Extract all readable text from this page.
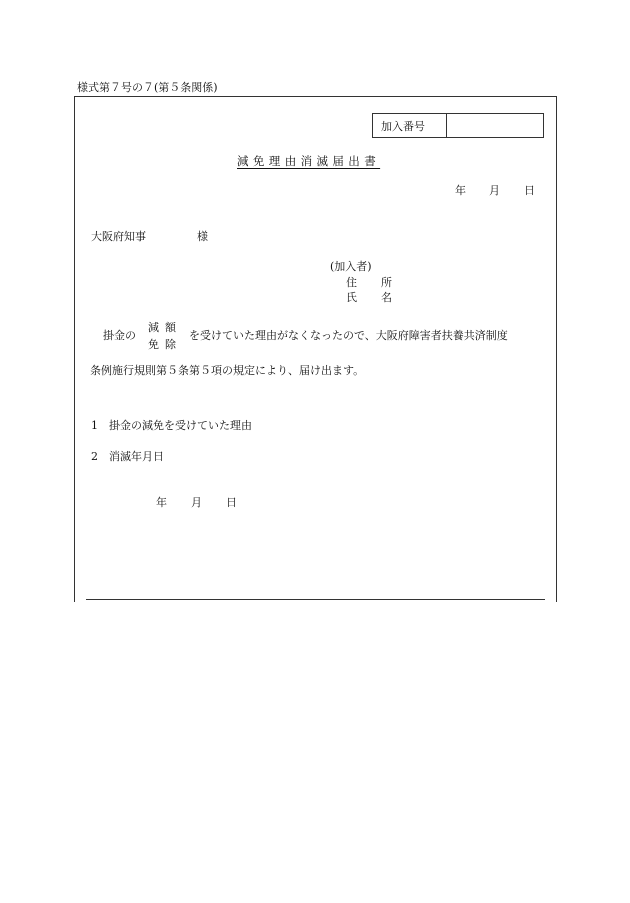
様式第７号の７(第５条関係)
加入番号
減免理由消滅届出書
年 月 日
大阪府知事	様
(加入者)
住 所
氏 名
掛金の
減額
免除
を受けていた理由がなくなったので、大阪府障害者扶養共済制度
条例施行規則第５条第５項の規定により、届け出ます。
1 掛金の減免を受けていた理由
2 消滅年月日
年 月 日
